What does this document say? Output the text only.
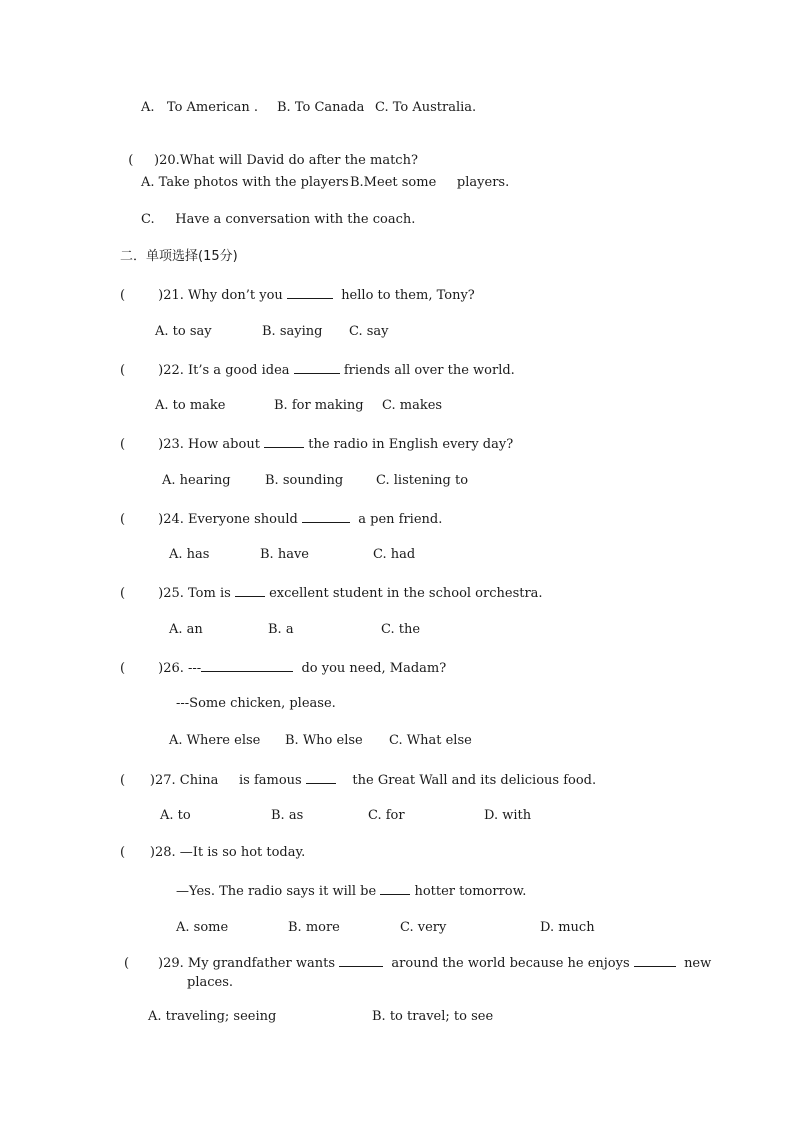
A.   To American . B. To Canada C. To Australia.

(     )20.What will David do after the match?

A. Take photos with the players B.Meet some     players.
C.     Have a conversation with the coach.
二．单项选择(15分)
(        )21. Why don’t you	hello to them, Tony?
A. to say	B. saying C. say
(        )22. It’s a good idea	friends all over the world.
A. to make	B. for making C. makes
(        )23. How about	the radio in English every day?
A. hearing	B. sounding	C. listening to
(        )24. Everyone should	a pen friend.
A. has	B. have	C. had
(        )25. Tom is	excellent student in the school orchestra.
A. an	B. a	C. the
(        )26. ---	do you need, Madam?
---Some chicken, please.
A. Where else B. Who else C. What else
(      )27. China     is famous	the Great Wall and its delicious food.
A. to	B. as	C. for	D. with
(      )28. —It is so hot today.
—Yes. The radio says it will be	hotter tomorrow.
A. some	B. more	C. very	D. much
(       )29. My grandfather wants	around the world because he enjoys	new
places.
A. traveling; seeing	B. to travel; to see
